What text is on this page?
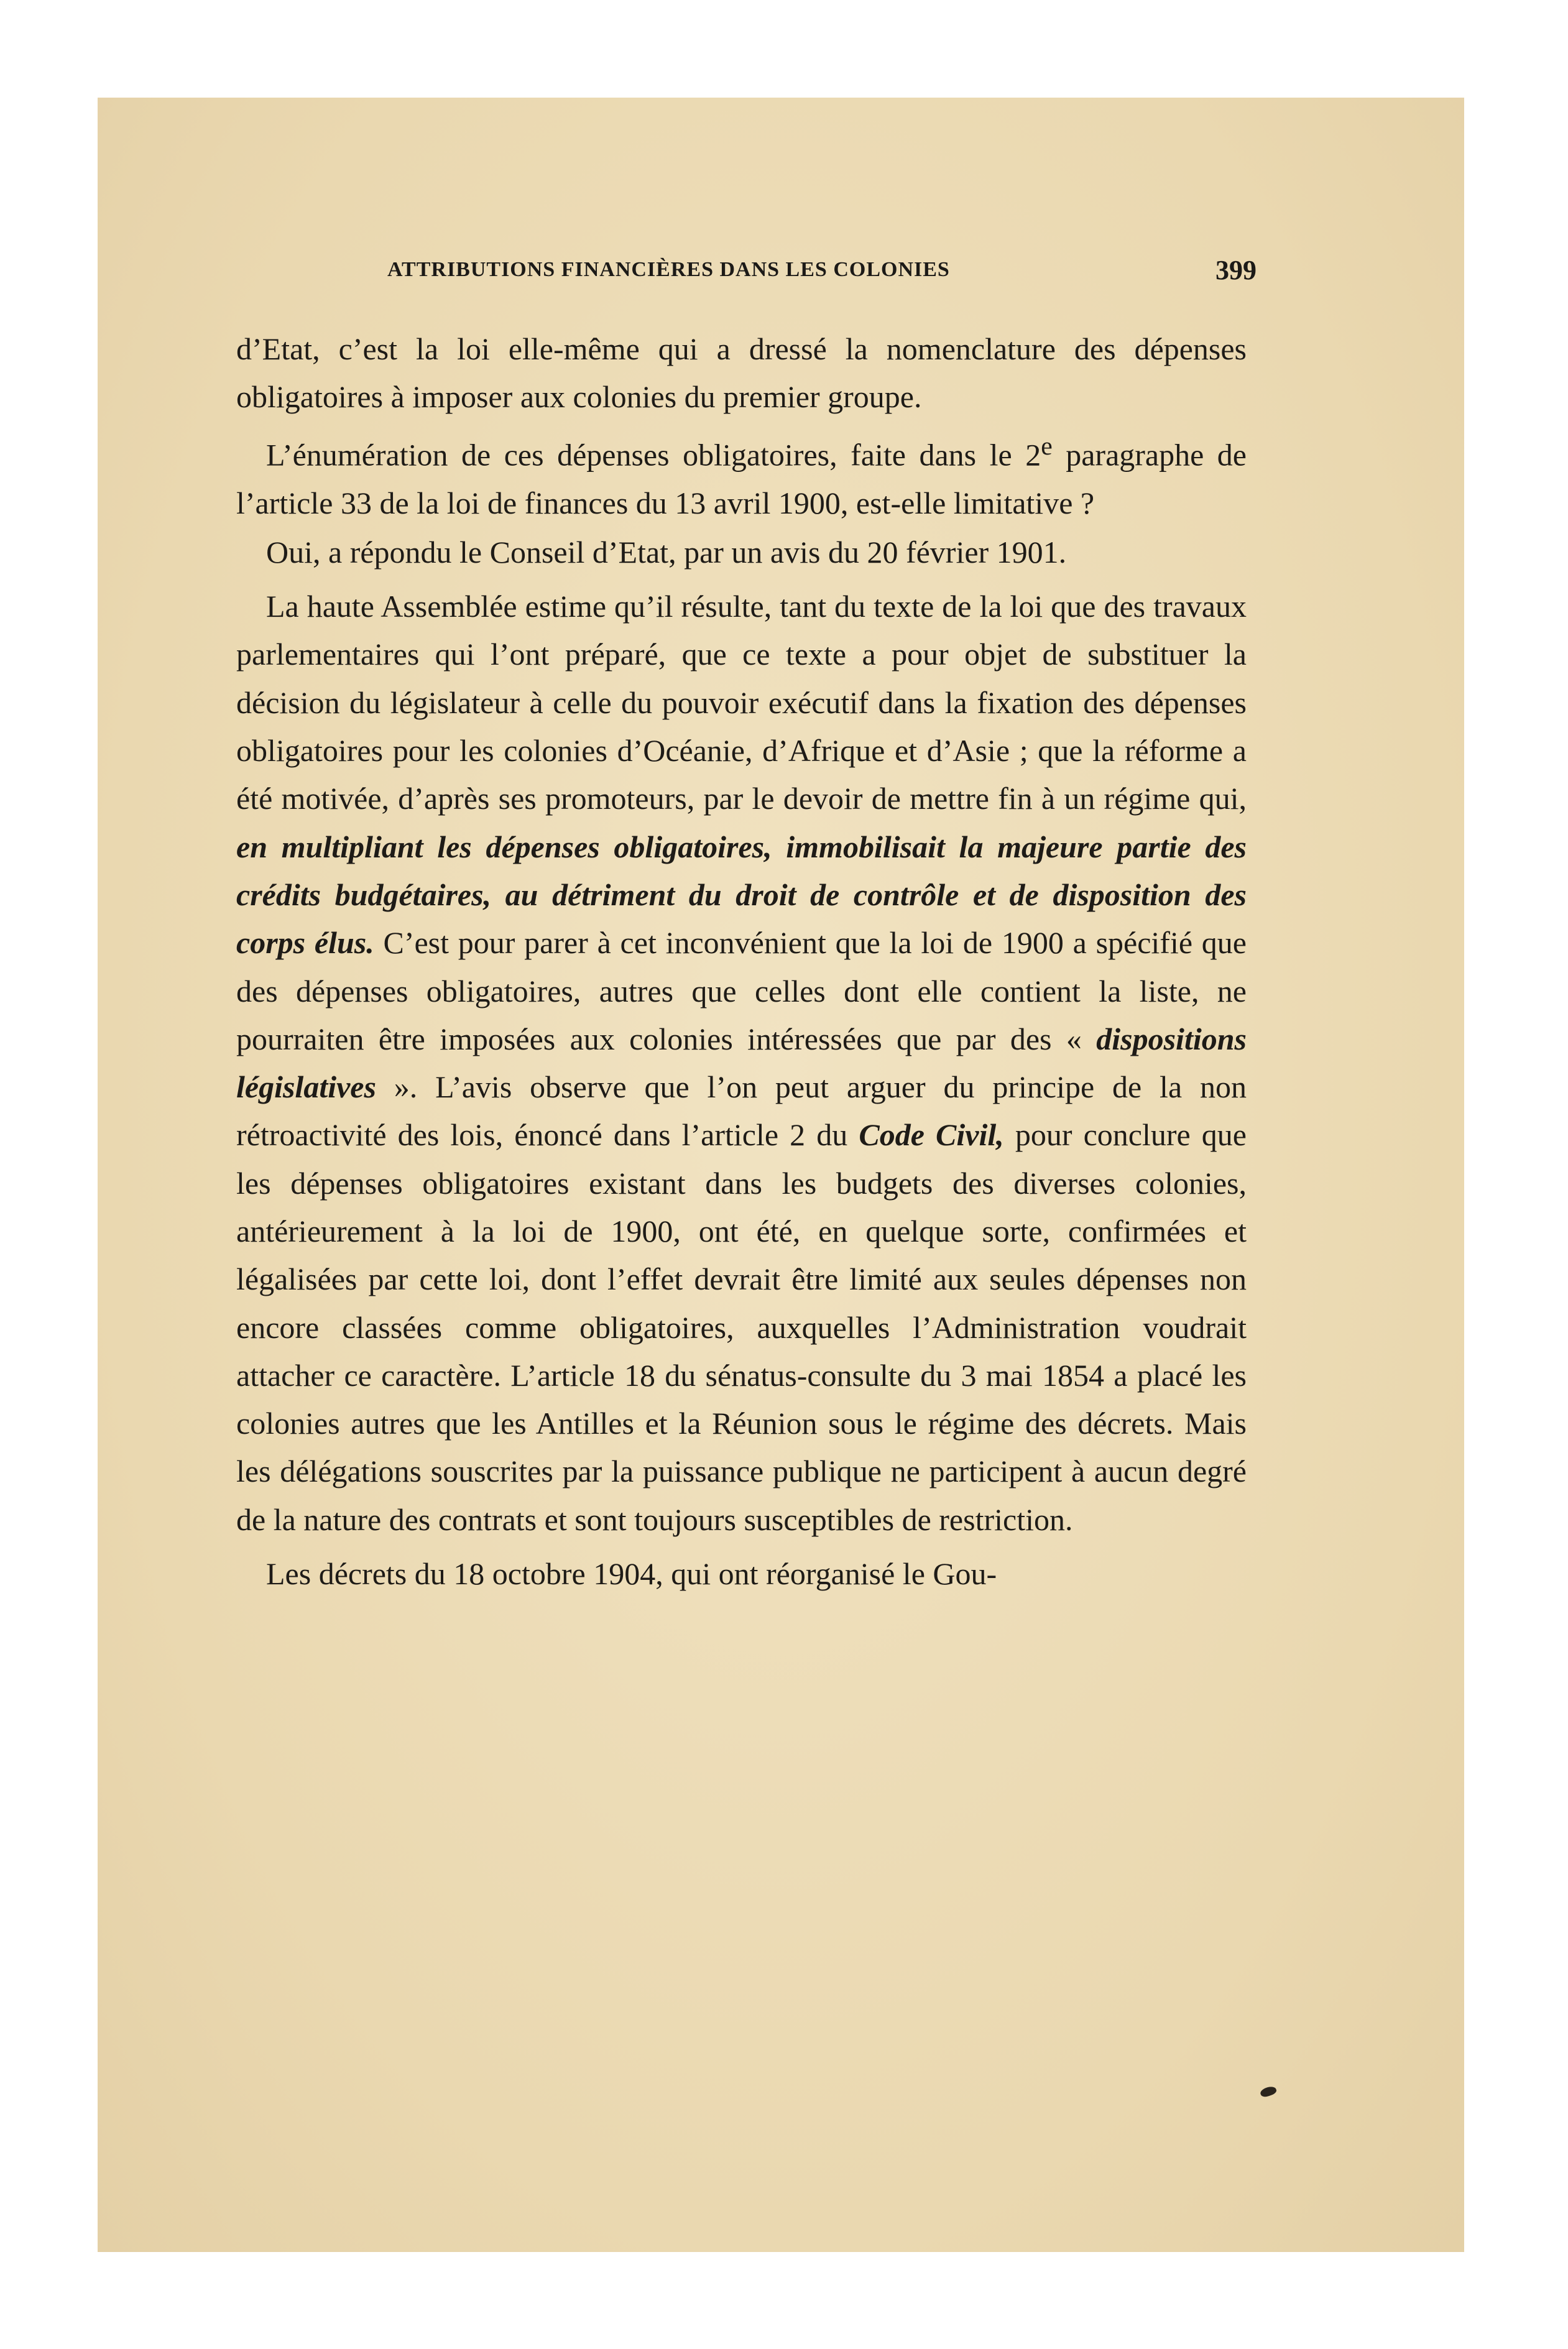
ATTRIBUTIONS FINANCIÈRES DANS LES COLONIES	399

d’Etat, c’est la loi elle-même qui a dressé la nomenclature des dépenses obligatoires à imposer aux colonies du premier groupe.

L’énumération de ces dépenses obligatoires, faite dans le 2e paragraphe de l’article 33 de la loi de finances du 13 avril 1900, est-elle limitative ?

Oui, a répondu le Conseil d’Etat, par un avis du 20 février 1901.

La haute Assemblée estime qu’il résulte, tant du texte de la loi que des travaux parlementaires qui l’ont préparé, que ce texte a pour objet de substituer la décision du législateur à celle du pouvoir exécutif dans la fixation des dépenses obligatoires pour les colonies d’Océanie, d’Afrique et d’Asie ; que la réforme a été motivée, d’après ses promoteurs, par le devoir de mettre fin à un régime qui, en multipliant les dépenses obligatoires, immobilisait la majeure partie des crédits budgétaires, au détriment du droit de contrôle et de disposition des corps élus. C’est pour parer à cet inconvénient que la loi de 1900 a spécifié que des dépenses obligatoires, autres que celles dont elle contient la liste, ne pourraiten être imposées aux colonies intéressées que par des « dispositions législatives ». L’avis observe que l’on peut arguer du principe de la non rétroactivité des lois, énoncé dans l’article 2 du Code Civil, pour conclure que les dépenses obligatoires existant dans les budgets des diverses colonies, antérieurement à la loi de 1900, ont été, en quelque sorte, confirmées et légalisées par cette loi, dont l’effet devrait être limité aux seules dépenses non encore classées comme obligatoires, auxquelles l’Administration voudrait attacher ce caractère. L’article 18 du sénatus-consulte du 3 mai 1854 a placé les colonies autres que les Antilles et la Réunion sous le régime des décrets. Mais les délégations souscrites par la puissance publique ne participent à aucun degré de la nature des contrats et sont toujours susceptibles de restriction.

Les décrets du 18 octobre 1904, qui ont réorganisé le Gou-
